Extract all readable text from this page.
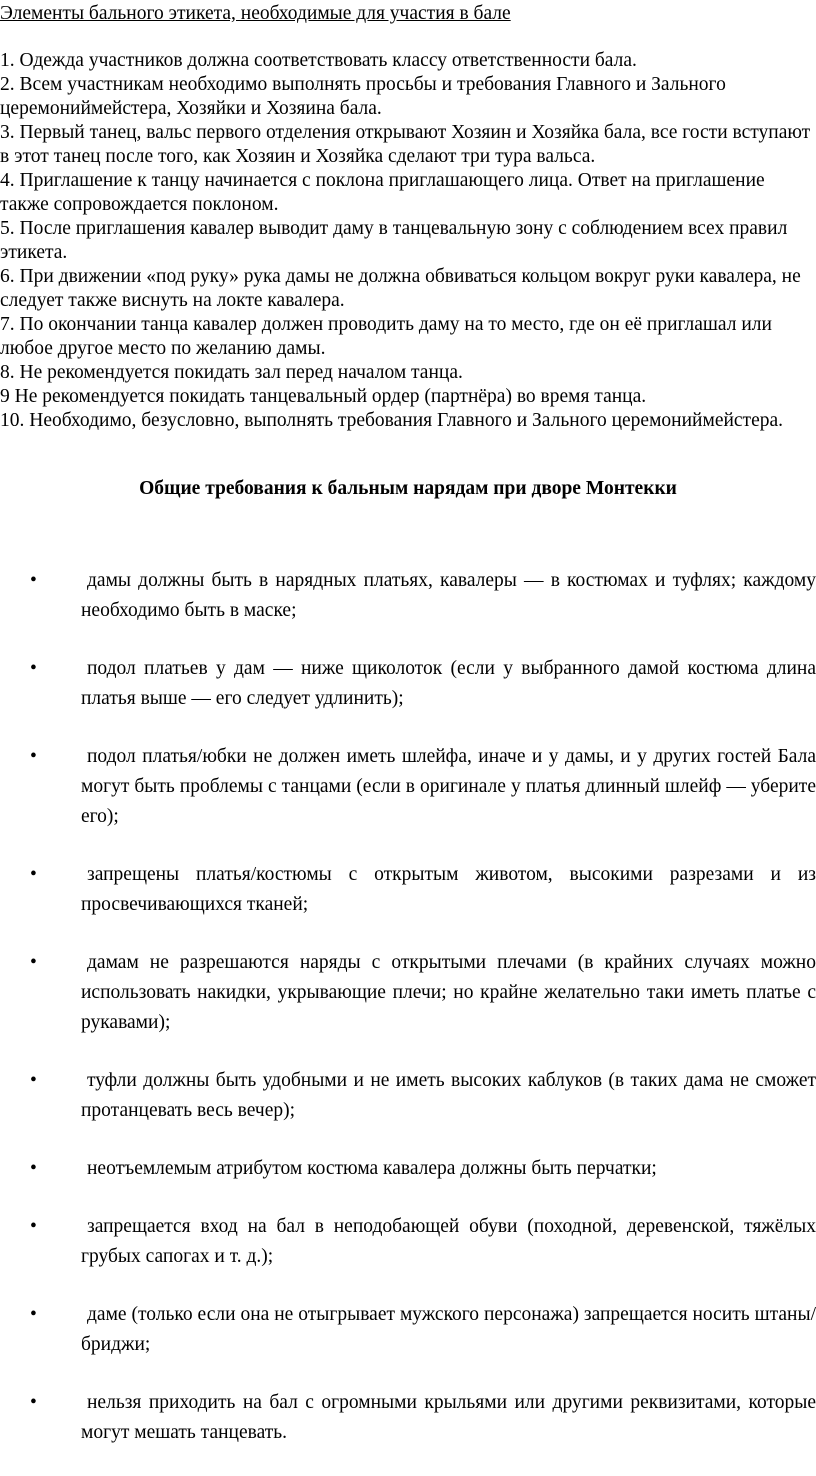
Элементы бального этикета, необходимые для участия в бале
1. Одежда участников должна соответствовать классу ответственности бала.
2. Всем участникам необходимо выполнять просьбы и требования Главного и Зального церемониймейстера, Хозяйки и Хозяина бала.
3. Первый танец, вальс первого отделения открывают Хозяин и Хозяйка бала, все гости вступают в этот танец после того, как Хозяин и Хозяйка сделают три тура вальса.
4. Приглашение к танцу начинается с поклона приглашающего лица. Ответ на приглашение также сопровождается поклоном.
5. После приглашения кавалер выводит даму в танцевальную зону с соблюдением всех правил этикета.
6. При движении «под руку» рука дамы не должна обвиваться кольцом вокруг руки кавалера, не следует также виснуть на локте кавалера.
7. По окончании танца кавалер должен проводить даму на то место, где он её приглашал или любое другое место по желанию дамы.
8. Не рекомендуется покидать зал перед началом танца.
9 Не рекомендуется покидать танцевальный ордер (партнёра) во время танца.
10. Необходимо, безусловно, выполнять требования Главного и Зального церемониймейстера.
Общие требования к бальным нарядам при дворе Монтекки
•	дамы должны быть в нарядных платьях, кавалеры — в костюмах и туфлях; каждому необходимо быть в маске;
•	подол платьев у дам — ниже щиколоток (если у выбранного дамой костюма длина платья выше — его следует удлинить);
•	подол платья/юбки не должен иметь шлейфа, иначе и у дамы, и у других гостей Бала могут быть проблемы с танцами (если в оригинале у платья длинный шлейф — уберите его);
•	запрещены платья/костюмы с открытым животом, высокими разрезами и из просвечивающихся тканей;
•	дамам не разрешаются наряды с открытыми плечами (в крайних случаях можно использовать накидки, укрывающие плечи; но крайне желательно таки иметь платье с рукавами);
•	туфли должны быть удобными и не иметь высоких каблуков (в таких дама не сможет протанцевать весь вечер);
•	неотъемлемым атрибутом костюма кавалера должны быть перчатки;
•	запрещается вход на бал в неподобающей обуви (походной, деревенской, тяжёлых грубых сапогах и т. д.);
•	даме (только если она не отыгрывает мужского персонажа) запрещается носить штаны/бриджи;
•	нельзя приходить на бал с огромными крыльями или другими реквизитами, которые могут мешать танцевать.
